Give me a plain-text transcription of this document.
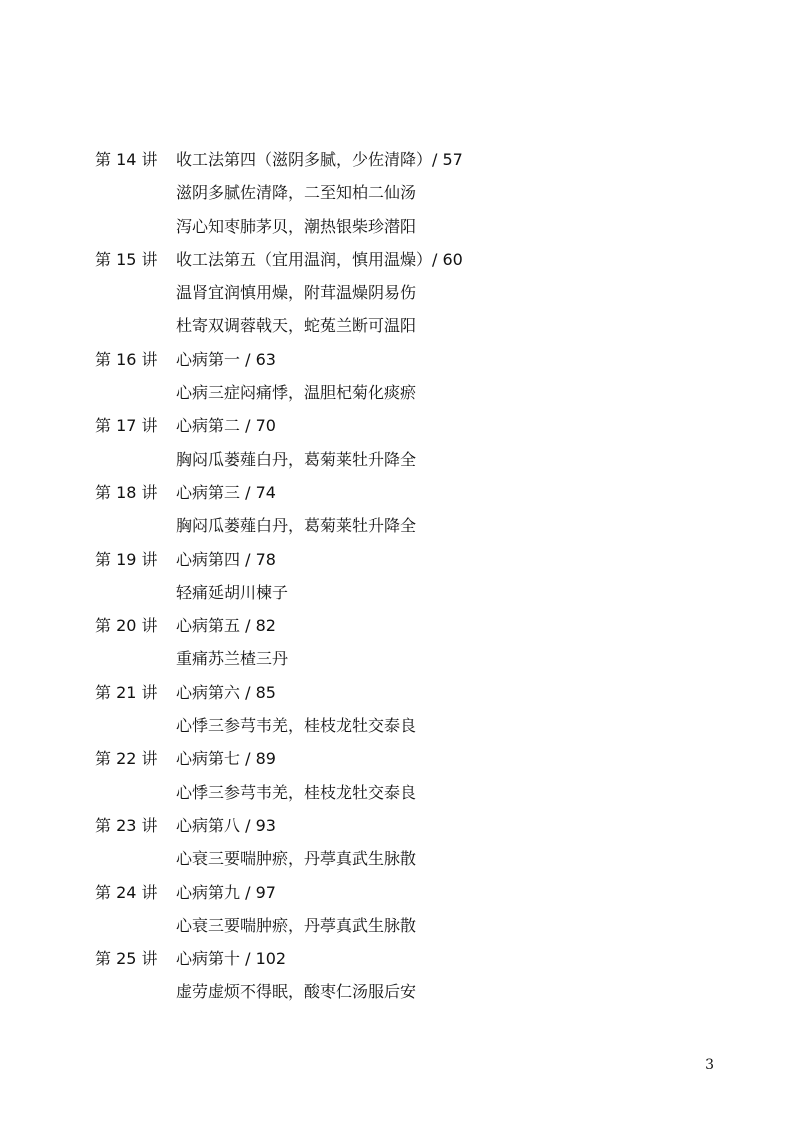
第 14 讲	收工法第四（滋阴多腻，少佐清降）/ 57
滋阴多腻佐清降，二至知柏二仙汤
泻心知枣肺茅贝，潮热银柴珍潜阳
第 15 讲	收工法第五（宜用温润，慎用温燥）/ 60
温肾宜润慎用燥，附茸温燥阴易伤
杜寄双调蓉戟天，蛇菟兰断可温阳
第 16 讲	心病第一 / 63
心病三症闷痛悸，温胆杞菊化痰瘀
第 17 讲	心病第二 / 70
胸闷瓜蒌薤白丹，葛菊莱牡升降全
第 18 讲	心病第三 / 74
胸闷瓜蒌薤白丹，葛菊莱牡升降全
第 19 讲	心病第四 / 78
轻痛延胡川楝子
第 20 讲	心病第五 / 82
重痛苏兰楂三丹
第 21 讲	心病第六 / 85
心悸三参芎韦羌，桂枝龙牡交泰良
第 22 讲	心病第七 / 89
心悸三参芎韦羌，桂枝龙牡交泰良
第 23 讲	心病第八 / 93
心衰三要喘肿瘀，丹葶真武生脉散
第 24 讲	心病第九 / 97
心衰三要喘肿瘀，丹葶真武生脉散
第 25 讲	心病第十 / 102
虚劳虚烦不得眠，酸枣仁汤服后安
3
